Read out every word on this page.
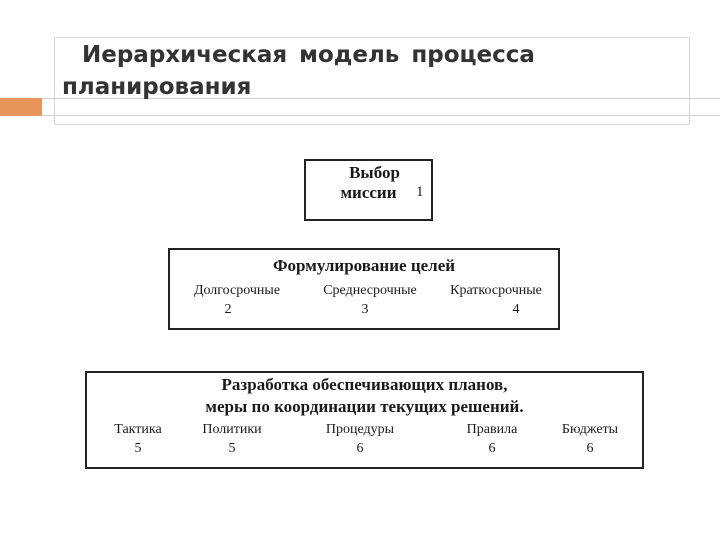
Иерархическая модель процесса
планирования
Выбор
миссии	1
Формулирование целей
Долгосрочные
2
Среднесрочные
3
Краткосрочные
4
Разработка обеспечивающих планов,
меры по координации текущих решений.
Тактика
5
Политики
5
Процедуры
6
Правила
6
Бюджеты
6
